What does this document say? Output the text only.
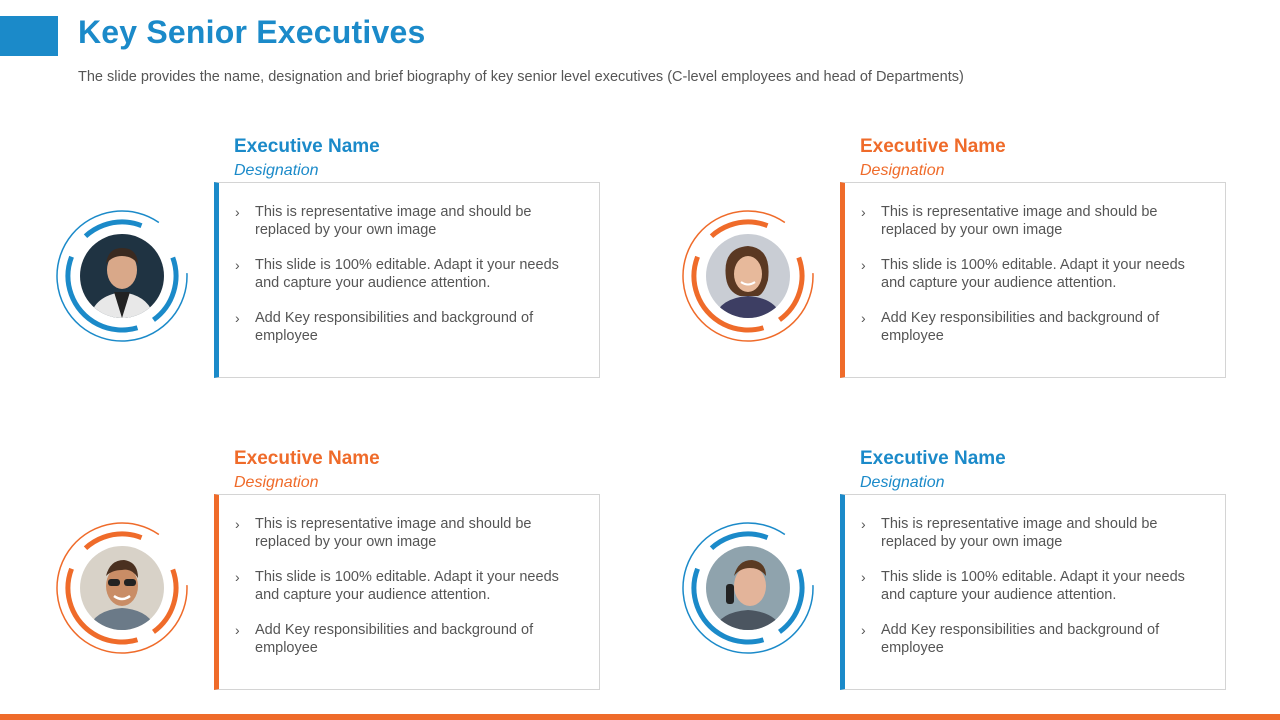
Key Senior Executives
The slide provides the name, designation and brief biography of key senior level executives (C-level employees and head of Departments)
Executive Name
Designation
› This is representative image and should be replaced by your own image
› This slide is 100% editable. Adapt it your needs and capture your audience attention.
› Add Key responsibilities and background of employee
Executive Name
Designation
› This is representative image and should be replaced by your own image
› This slide is 100% editable. Adapt it your needs and capture your audience attention.
› Add Key responsibilities and background of employee
Executive Name
Designation
› This is representative image and should be replaced by your own image
› This slide is 100% editable. Adapt it your needs and capture your audience attention.
› Add Key responsibilities and background of employee
Executive Name
Designation
› This is representative image and should be replaced by your own image
› This slide is 100% editable. Adapt it your needs and capture your audience attention.
› Add Key responsibilities and background of employee
